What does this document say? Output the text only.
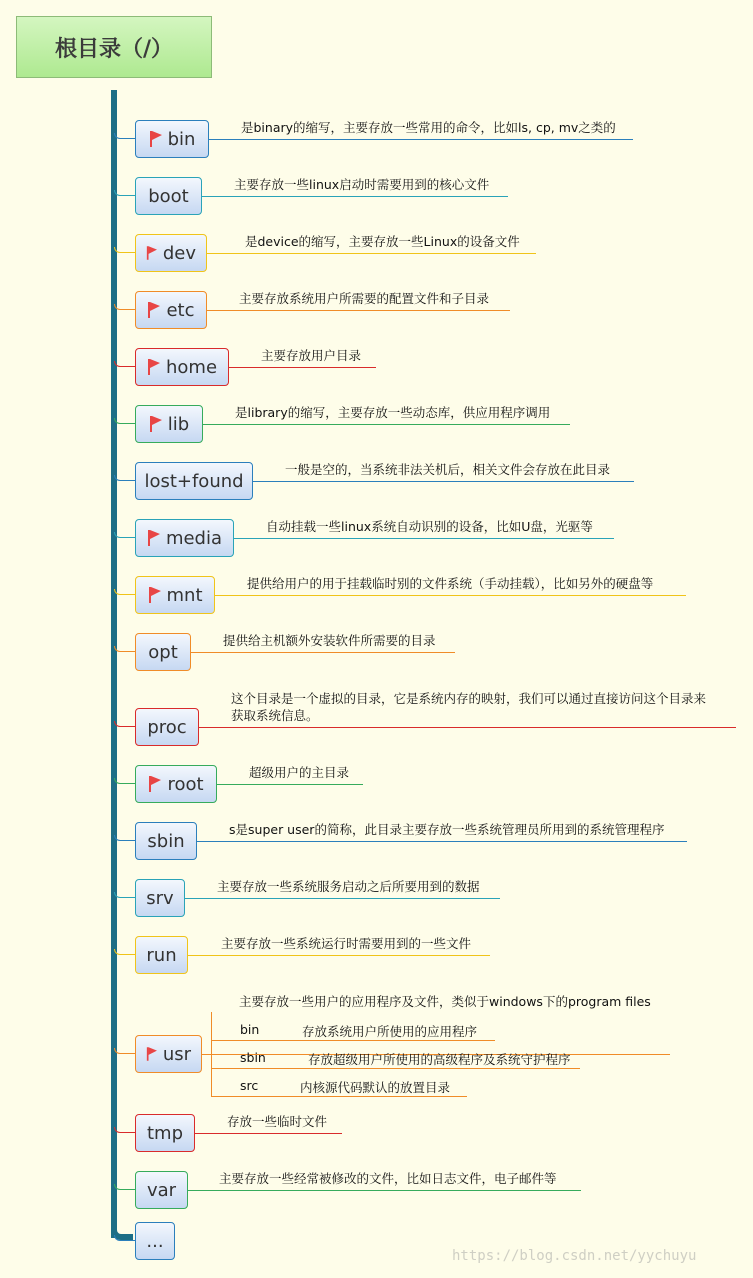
根目录（/）
bin
是binary的缩写，主要存放一些常用的命令，比如ls, cp, mv之类的
boot
主要存放一些linux启动时需要用到的核心文件
dev
是device的缩写，主要存放一些Linux的设备文件
etc
主要存放系统用户所需要的配置文件和子目录
home
主要存放用户目录
lib
是library的缩写，主要存放一些动态库，供应用程序调用
lost+found
一般是空的，当系统非法关机后，相关文件会存放在此目录
media
自动挂载一些linux系统自动识别的设备，比如U盘，光驱等
mnt
提供给用户的用于挂载临时别的文件系统（手动挂载），比如另外的硬盘等
opt
提供给主机额外安装软件所需要的目录
proc
这个目录是一个虚拟的目录，它是系统内存的映射，我们可以通过直接访问这个目录来
获取系统信息。
root
超级用户的主目录
sbin
s是super user的简称，此目录主要存放一些系统管理员所用到的系统管理程序
srv
主要存放一些系统服务启动之后所要用到的数据
run
主要存放一些系统运行时需要用到的一些文件
usr
主要存放一些用户的应用程序及文件，类似于windows下的program files
bin	存放系统用户所使用的应用程序
sbin	存放超级用户所使用的高级程序及系统守护程序
src	内核源代码默认的放置目录
tmp
存放一些临时文件
var
主要存放一些经常被修改的文件，比如日志文件，电子邮件等
...
https://blog.csdn.net/yychuyu
